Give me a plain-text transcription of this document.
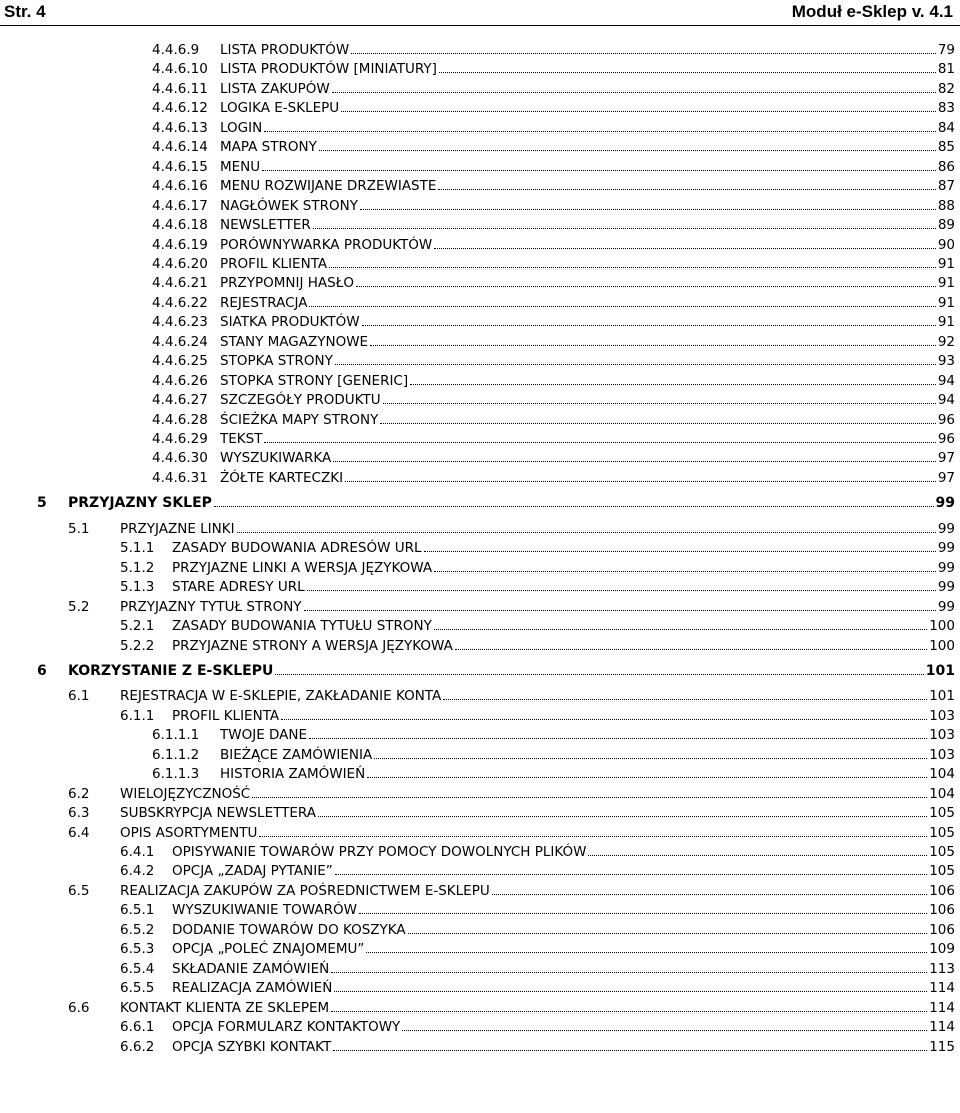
Str. 4	Moduł e-Sklep v. 4.1
4.4.6.9	LISTA PRODUKTÓW	79
4.4.6.10 LISTA PRODUKTÓW [MINIATURY]	81
4.4.6.11 LISTA ZAKUPÓW	82
4.4.6.12 LOGIKA E-SKLEPU	83
4.4.6.13 LOGIN	84
4.4.6.14 MAPA STRONY	85
4.4.6.15 MENU	86
4.4.6.16 MENU ROZWIJANE DRZEWIASTE	87
4.4.6.17 NAGŁÓWEK STRONY	88
4.4.6.18 NEWSLETTER	89
4.4.6.19 PORÓWNYWARKA PRODUKTÓW	90
4.4.6.20 PROFIL KLIENTA	91
4.4.6.21 PRZYPOMNIJ HASŁO	91
4.4.6.22 REJESTRACJA	91
4.4.6.23 SIATKA PRODUKTÓW	91
4.4.6.24 STANY MAGAZYNOWE	92
4.4.6.25 STOPKA STRONY	93
4.4.6.26 STOPKA STRONY [GENERIC]	94
4.4.6.27 SZCZEGÓŁY PRODUKTU	94
4.4.6.28 ŚCIEŻKA MAPY STRONY	96
4.4.6.29 TEKST	96
4.4.6.30 WYSZUKIWARKA	97
4.4.6.31 ŻÓŁTE KARTECZKI	97
5	PRZYJAZNY SKLEP	99
5.1	PRZYJAZNE LINKI	99
5.1.1	ZASADY BUDOWANIA ADRESÓW URL	99
5.1.2	PRZYJAZNE LINKI A WERSJA JĘZYKOWA	99
5.1.3	STARE ADRESY URL	99
5.2	PRZYJAZNY TYTUŁ STRONY	99
5.2.1	ZASADY BUDOWANIA TYTUŁU STRONY	100
5.2.2	PRZYJAZNE STRONY A WERSJA JĘZYKOWA	100
6	KORZYSTANIE Z E-SKLEPU	101
6.1	REJESTRACJA W E-SKLEPIE, ZAKŁADANIE KONTA	101
6.1.1	PROFIL KLIENTA	103
6.1.1.1	TWOJE DANE	103
6.1.1.2	BIEŻĄCE ZAMÓWIENIA	103
6.1.1.3	HISTORIA ZAMÓWIEŃ	104
6.2	WIELOJĘZYCZNOŚĆ	104
6.3	SUBSKRYPCJA NEWSLETTERA	105
6.4	OPIS ASORTYMENTU	105
6.4.1	OPISYWANIE TOWARÓW PRZY POMOCY DOWOLNYCH PLIKÓW	105
6.4.2	OPCJA „ZADAJ PYTANIE”	105
6.5	REALIZACJA ZAKUPÓW ZA POŚREDNICTWEM E-SKLEPU	106
6.5.1	WYSZUKIWANIE TOWARÓW	106
6.5.2	DODANIE TOWARÓW DO KOSZYKA	106
6.5.3	OPCJA „POLEĆ ZNAJOMEMU”	109
6.5.4	SKŁADANIE ZAMÓWIEŃ	113
6.5.5	REALIZACJA ZAMÓWIEŃ	114
6.6	KONTAKT KLIENTA ZE SKLEPEM	114
6.6.1	OPCJA FORMULARZ KONTAKTOWY	114
6.6.2	OPCJA SZYBKI KONTAKT	115
